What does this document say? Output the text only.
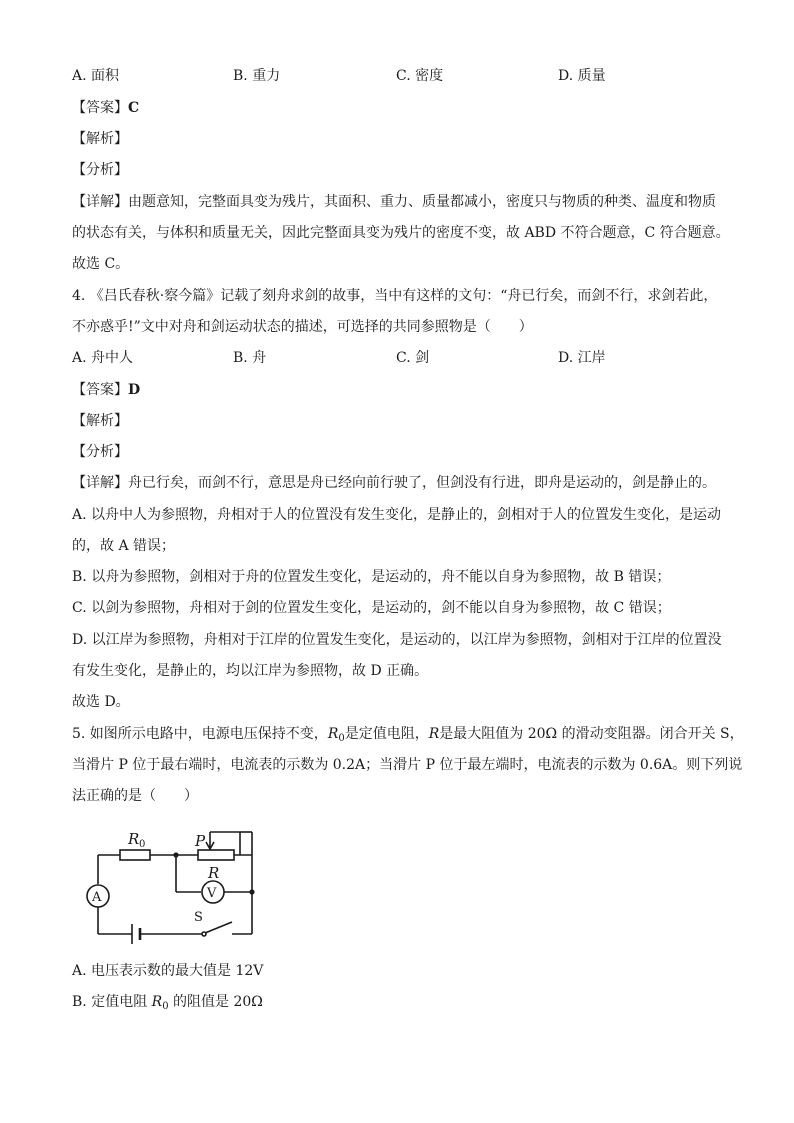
A. 面积	B. 重力	C. 密度	D. 质量
【答案】C
【解析】
【分析】
【详解】由题意知，完整面具变为残片，其面积、重力、质量都减小，密度只与物质的种类、温度和物质
的状态有关，与体积和质量无关，因此完整面具变为残片的密度不变，故 ABD 不符合题意，C 符合题意。
故选 C。
4. 《吕氏春秋·察今篇》记载了刻舟求剑的故事，当中有这样的文句：“舟已行矣，而剑不行，求剑若此，
不亦惑乎!”文中对舟和剑运动状态的描述，可选择的共同参照物是（　　）
A. 舟中人	B. 舟	C. 剑	D. 江岸
【答案】D
【解析】
【分析】
【详解】舟已行矣，而剑不行，意思是舟已经向前行驶了，但剑没有行进，即舟是运动的，剑是静止的。
A. 以舟中人为参照物，舟相对于人的位置没有发生变化，是静止的，剑相对于人的位置发生变化，是运动
的，故 A 错误；
B. 以舟为参照物，剑相对于舟的位置发生变化，是运动的，舟不能以自身为参照物，故 B 错误；
C. 以剑为参照物，舟相对于剑的位置发生变化，是运动的，剑不能以自身为参照物，故 C 错误；
D. 以江岸为参照物，舟相对于江岸的位置发生变化，是运动的，以江岸为参照物，剑相对于江岸的位置没
有发生变化，是静止的，均以江岸为参照物，故 D 正确。
故选 D。
5. 如图所示电路中，电源电压保持不变，$R_0$是定值电阻，R是最大阻值为 20Ω 的滑动变阻器。闭合开关 S，
当滑片 P 位于最右端时，电流表的示数为 0.2A；当滑片 P 位于最左端时，电流表的示数为 0.6A。则下列说
法正确的是（　　）
R 0	P
R
V
A
S
A. 电压表示数的最大值是 12V
B. 定值电阻 $R_0$ 的阻值是 20Ω
